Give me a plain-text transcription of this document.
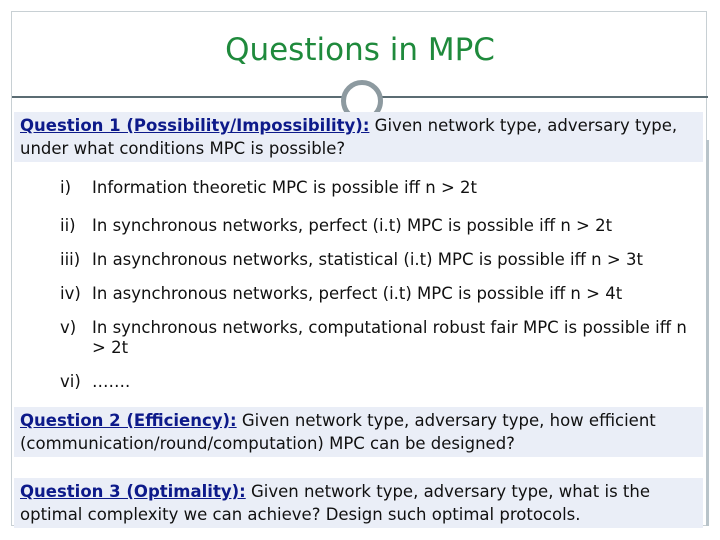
Questions in MPC
Question 1 (Possibility/Impossibility): Given network type, adversary type, under what conditions MPC is possible?
i)	Information theoretic MPC is possible iff n > 2t
ii) In synchronous networks, perfect (i.t) MPC is possible iff n > 2t
iii) In asynchronous networks, statistical (i.t) MPC is possible iff n > 3t
iv) In asynchronous networks, perfect (i.t) MPC is possible iff n > 4t
v) In synchronous networks, computational robust fair MPC is possible iff n > 2t
vi) …….
Question 2 (Efficiency): Given network type, adversary type, how efficient (communication/round/computation) MPC can be designed?
Question 3 (Optimality): Given network type, adversary type, what is the optimal complexity we can achieve? Design such optimal protocols.
